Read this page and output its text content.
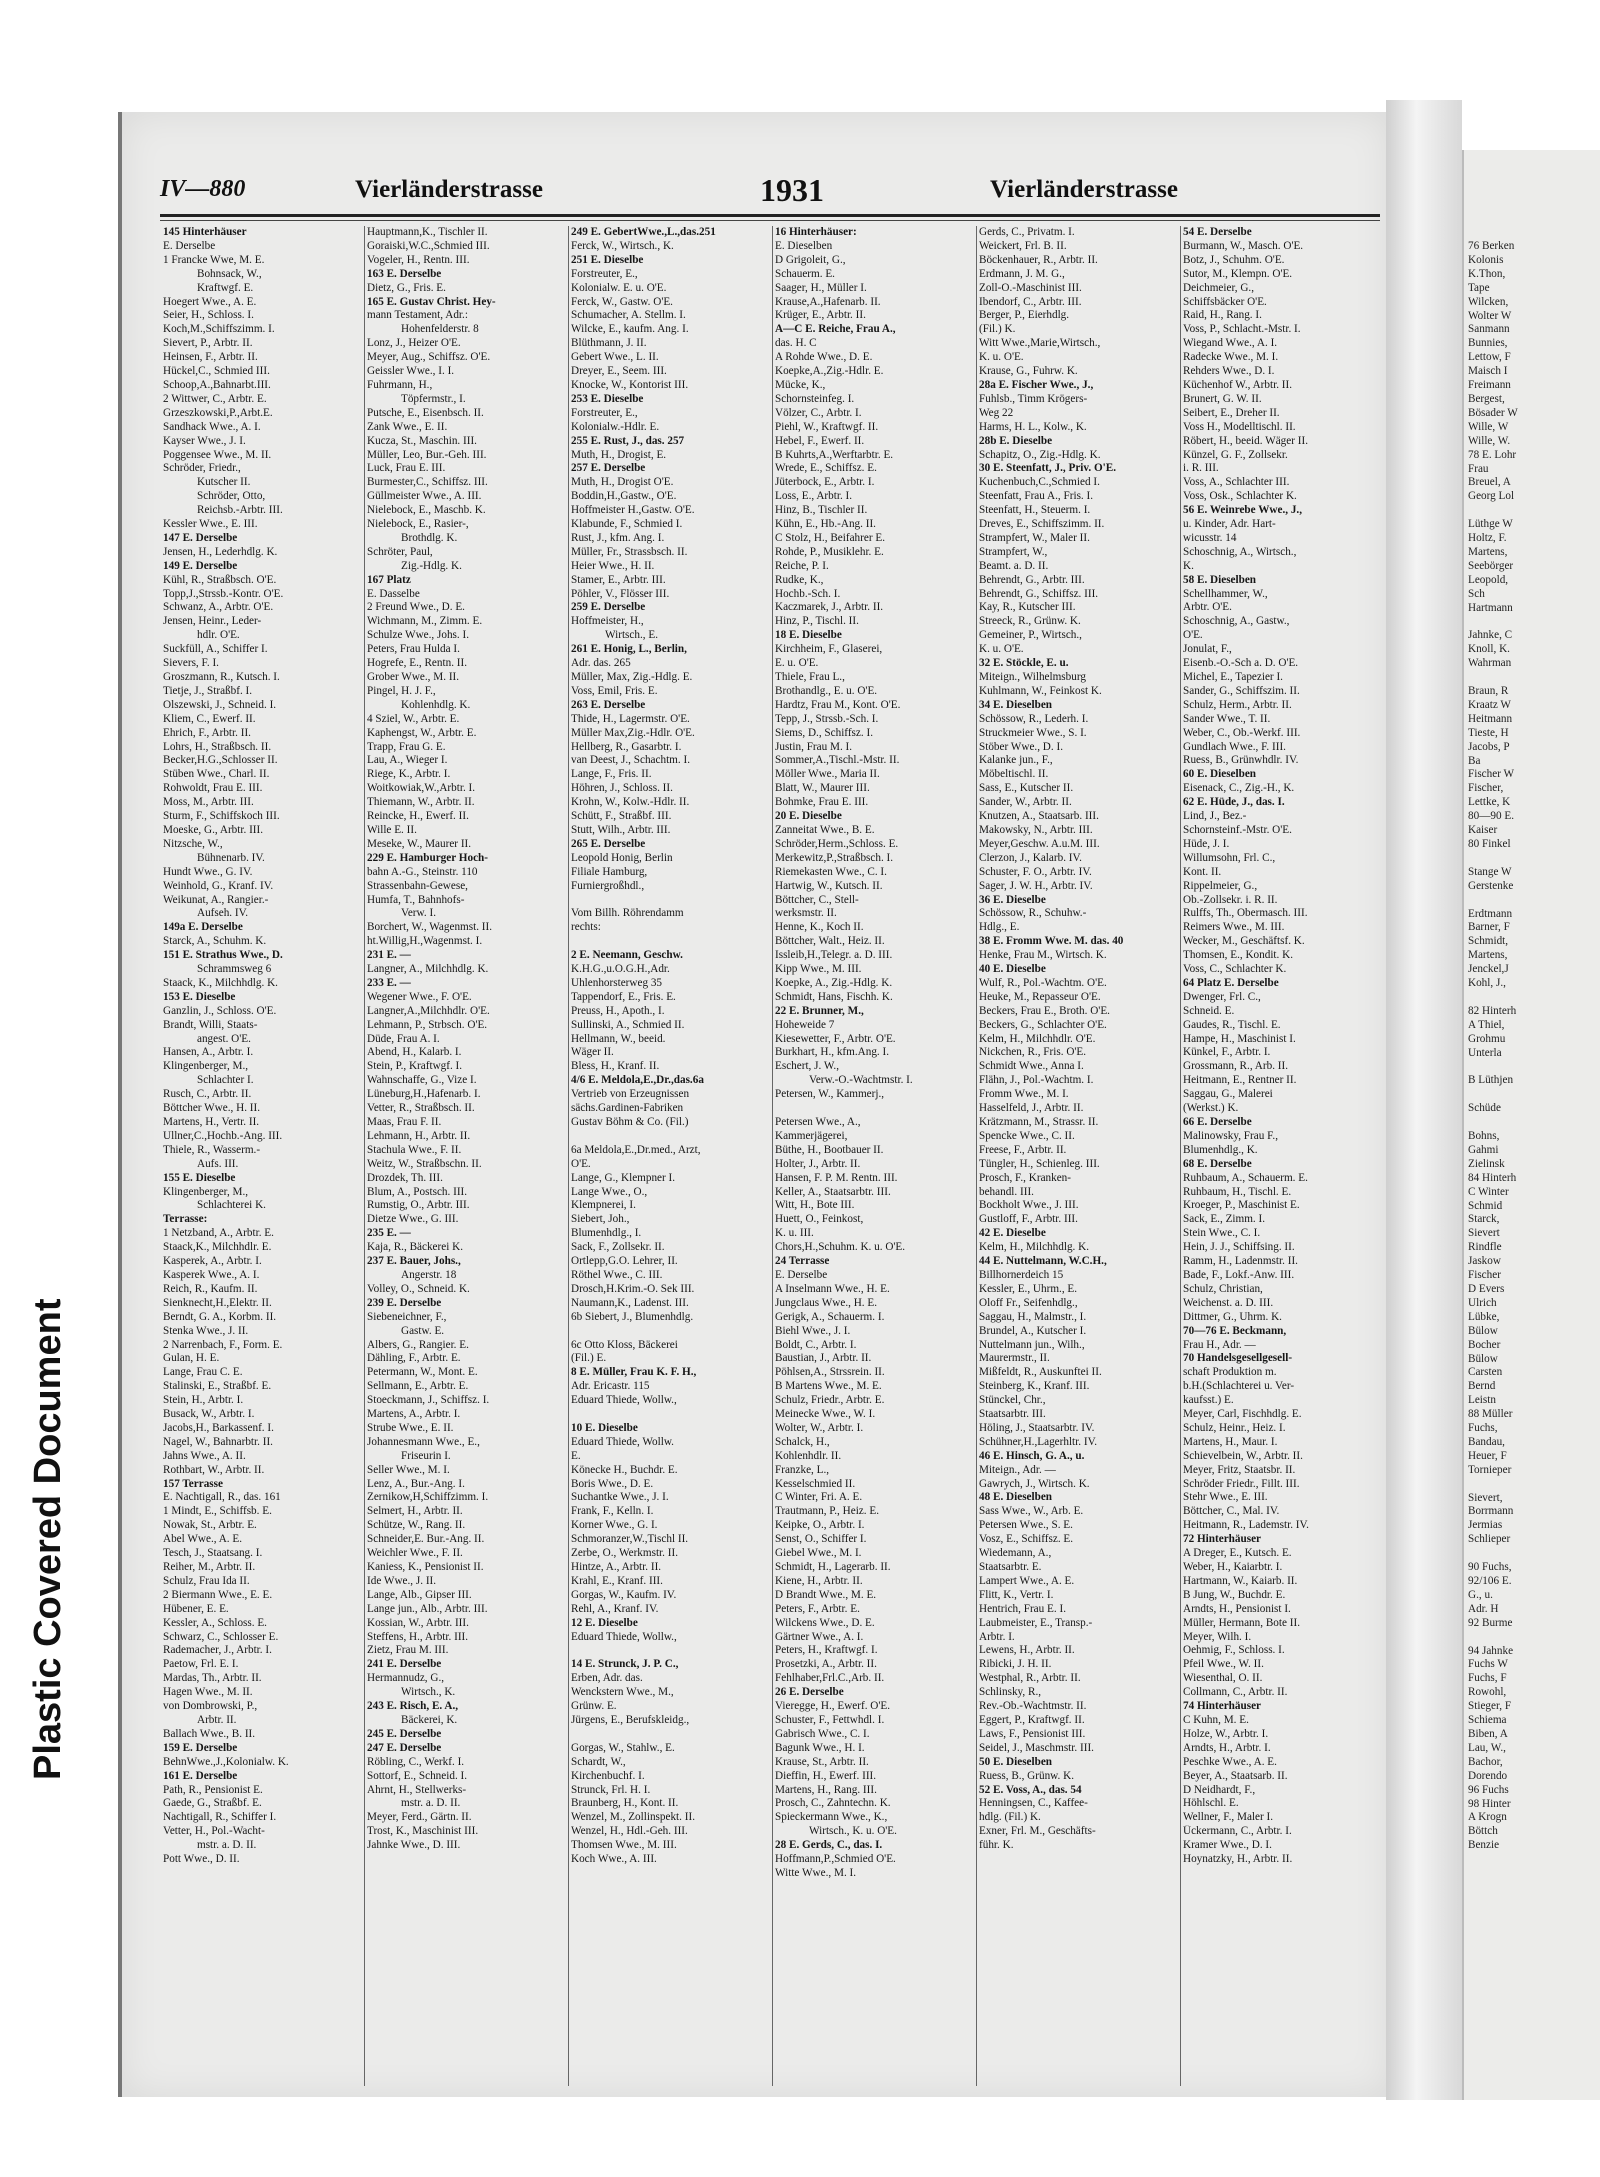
Plastic Covered Document
76 Berken
Kolonis
K.Thon,
Tape
Wilcken,
Wolter W
Sanmann
Bunnies,
Lettow, F
Maisch I
Freimann
Bergest,
Bösader W
Wille, W
Wille, W.
78 E. Lohr
Frau
Breuel, A
Georg Lol

Lüthge W
Holtz, F.
Martens,
Seebörger
Leopold,
Sch
Hartmann

Jahnke, C
Knoll, K.
Wahrman

Braun, R
Kraatz W
Heitmann
Tieste, H
Jacobs, P
Ba
Fischer W
Fischer,
Lettke, K
80—90 E.
Kaiser
80 Finkel

Stange W
Gerstenke

Erdtmann
Barner, F
Schmidt,
Martens,
Jenckel,J
Kohl, J.,

82 Hinterh
A Thiel,
Grohmu
Unterla

B Lüthjen

Schüde

Bohns,
Gahmi
Zielinsk
84 Hinterh
C Winter
Schmid
Starck,
Sievert
Rindfle
Jaskow
Fischer
D Evers
Ulrich
Lübke,
Bülow
Bocher
Bülow
Carsten
Bernd
Leistn
88 Müller
Fuchs,
Bandau,
Heuer, F
Tornieper

Sievert,
Borrmann
Jermias
Schlieper

90 Fuchs,
92/106 E.
G., u.
Adr. H
92 Burme

94 Jahnke
Fuchs W
Fuchs, F
Rowohl,
Stieger, F
Schiema
Biben, A
Lau, W.,
Bachor,
Dorendo
96 Fuchs
98 Hinter
A Krogn
Böttch
Benzie
IV—880	Vierländerstrasse	1931	Vierländerstrasse
145 Hinterhäuser
E. Derselbe
1 Francke Wwe, M. E.
Bohnsack, W.,
Kraftwgf. E.
Hoegert Wwe., A. E.
Seier, H., Schloss. I.
Koch,M.,Schiffszimm. I.
Sievert, P., Arbtr. II.
Heinsen, F., Arbtr. II.
Hückel,C., Schmied III.
Schoop,A.,Bahnarbt.III.
2 Wittwer, C., Arbtr. E.
Grzeszkowski,P.,Arbt.E.
Sandhack Wwe., A. I.
Kayser Wwe., J. I.
Poggensee Wwe., M. II.
Schröder, Friedr.,
Kutscher II.
Schröder, Otto,
Reichsb.-Arbtr. III.
Kessler Wwe., E. III.
147 E. Derselbe
Jensen, H., Lederhdlg. K.
149 E. Derselbe
Kühl, R., Straßbsch. O'E.
Topp,J.,Strssb.-Kontr. O'E.
Schwanz, A., Arbtr. O'E.
Jensen, Heinr., Leder-
hdlr. O'E.
Suckfüll, A., Schiffer I.
Sievers, F. I.
Groszmann, R., Kutsch. I.
Tietje, J., Straßbf. I.
Olszewski, J., Schneid. I.
Kliem, C., Ewerf. II.
Ehrich, F., Arbtr. II.
Lohrs, H., Straßbsch. II.
Becker,H.G.,Schlosser II.
Stüben Wwe., Charl. II.
Rohwoldt, Frau E. III.
Moss, M., Arbtr. III.
Sturm, F., Schiffskoch III.
Moeske, G., Arbtr. III.
Nitzsche, W.,
Bühnenarb. IV.
Hundt Wwe., G. IV.
Weinhold, G., Kranf. IV.
Weikunat, A., Rangier.-
Aufseh. IV.
149a E. Derselbe
Starck, A., Schuhm. K.
151 E. Strathus Wwe., D.
Schrammsweg 6
Staack, K., Milchhdlg. K.
153 E. Dieselbe
Ganzlin, J., Schloss. O'E.
Brandt, Willi, Staats-
angest. O'E.
Hansen, A., Arbtr. I.
Klingenberger, M.,
Schlachter I.
Rusch, C., Arbtr. II.
Böttcher Wwe., H. II.
Martens, H., Vertr. II.
Ullner,C.,Hochb.-Ang. III.
Thiele, R., Wasserm.-
Aufs. III.
155 E. Dieselbe
Klingenberger, M.,
Schlachterei K.
Terrasse:
1 Netzband, A., Arbtr. E.
Staack,K., Milchhdlr. E.
Kasperek, A., Arbtr. I.
Kasperek Wwe., A. I.
Reich, R., Kaufm. II.
Sienknecht,H.,Elektr. II.
Berndt, G. A., Korbm. II.
Stenka Wwe., J. II.
2 Narrenbach, F., Form. E.
Gulan, H. E.
Lange, Frau C. E.
Stalinski, E., Straßbf. E.
Stein, H., Arbtr. I.
Busack, W., Arbtr. I.
Jacobs,H., Barkassenf. I.
Nagel, W., Bahnarbtr. II.
Jahns Wwe., A. II.
Rothbart, W., Arbtr. II.
157 Terrasse
E. Nachtigall, R., das. 161
1 Mindt, E., Schiffsb. E.
Nowak, St., Arbtr. E.
Abel Wwe., A. E.
Tesch, J., Staatsang. I.
Reiher, M., Arbtr. II.
Schulz, Frau Ida II.
2 Biermann Wwe., E. E.
Hübener, E. E.
Kessler, A., Schloss. E.
Schwarz, C., Schlosser E.
Rademacher, J., Arbtr. I.
Paetow, Frl. E. I.
Mardas, Th., Arbtr. II.
Hagen Wwe., M. II.
von Dombrowski, P.,
Arbtr. II.
Ballach Wwe., B. II.
159 E. Derselbe
BehnWwe.,J.,Kolonialw. K.
161 E. Derselbe
Path, R., Pensionist E.
Gaede, G., Straßbf. E.
Nachtigall, R., Schiffer I.
Vetter, H., Pol.-Wacht-
mstr. a. D. II.
Pott Wwe., D. II.
Hauptmann,K., Tischler II.
Goraiski,W.C.,Schmied III.
Vogeler, H., Rentn. III.
163 E. Derselbe
Dietz, G., Fris. E.
165 E. Gustav Christ. Hey-
mann Testament, Adr.:
Hohenfelderstr. 8
Lonz, J., Heizer O'E.
Meyer, Aug., Schiffsz. O'E.
Geissler Wwe., I. I.
Fuhrmann, H.,
Töpfermstr., I.
Putsche, E., Eisenbsch. II.
Zank Wwe., E. II.
Kucza, St., Maschin. III.
Müller, Leo, Bur.-Geh. III.
Luck, Frau E. III.
Burmester,C., Schiffsz. III.
Güllmeister Wwe., A. III.
Nielebock, E., Maschb. K.
Nielebock, E., Rasier-,
Brothdlg. K.
Schröter, Paul,
Zig.-Hdlg. K.
167 Platz
E. Dasselbe
2 Freund Wwe., D. E.
Wichmann, M., Zimm. E.
Schulze Wwe., Johs. I.
Peters, Frau Hulda I.
Hogrefe, E., Rentn. II.
Grober Wwe., M. II.
Pingel, H. J. F.,
Kohlenhdlg. K.
4 Sziel, W., Arbtr. E.
Kaphengst, W., Arbtr. E.
Trapp, Frau G. E.
Lau, A., Wieger I.
Riege, K., Arbtr. I.
Woitkowiak,W.,Arbtr. I.
Thiemann, W., Arbtr. II.
Reincke, H., Ewerf. II.
Wille E. II.
Meseke, W., Maurer II.
229 E. Hamburger Hoch-
bahn A.-G., Steinstr. 110
Strassenbahn-Gewese,
Humfa, T., Bahnhofs-
Verw. I.
Borchert, W., Wagenmst. II.
ht.Willig,H.,Wagenmst. I.
231 E. —
Langner, A., Milchhdlg. K.
233 E. —
Wegener Wwe., F. O'E.
Langner,A.,Milchhdlr. O'E.
Lehmann, P., Strbsch. O'E.
Düde, Frau A. I.
Abend, H., Kalarb. I.
Stein, P., Kraftwgf. I.
Wahnschaffe, G., Vize I.
Lüneburg,H.,Hafenarb. I.
Vetter, R., Straßbsch. II.
Maas, Frau F. II.
Lehmann, H., Arbtr. II.
Stachula Wwe., F. II.
Weitz, W., Straßbschn. II.
Drozdek, Th. III.
Blum, A., Postsch. III.
Rumstig, O., Arbtr. III.
Dietze Wwe., G. III.
235 E. —
Kaja, R., Bäckerei K.
237 E. Bauer, Johs.,
Angerstr. 18
Volley, O., Schneid. K.
239 E. Derselbe
Siebeneichner, F.,
Gastw. E.
Albers, G., Rangier. E.
Dähling, F., Arbtr. E.
Petermann, W., Mont. E.
Sellmann, E., Arbtr. E.
Stoeckmann, J., Schiffsz. I.
Martens, A., Arbtr. I.
Strube Wwe., E. II.
Johannesmann Wwe., E.,
Friseurin I.
Seller Wwe., M. I.
Lenz, A., Bur.-Ang. I.
Zernikow,H,Schiffzimm. I.
Selmert, H., Arbtr. II.
Schütze, W., Rang. II.
Schneider,E. Bur.-Ang. II.
Weichler Wwe., F. II.
Kaniess, K., Pensionist II.
Ide Wwe., J. II.
Lange, Alb., Gipser III.
Lange jun., Alb., Arbtr. III.
Kossian, W., Arbtr. III.
Steffens, H., Arbtr. III.
Zietz, Frau M. III.
241 E. Derselbe
Hermannudz, G.,
Wirtsch., K.
243 E. Risch, E. A.,
Bäckerei, K.
245 E. Derselbe
247 E. Derselbe
Röbling, C., Werkf. I.
Sottorf, E., Schneid. I.
Ahrnt, H., Stellwerks-
mstr. a. D. II.
Meyer, Ferd., Gärtn. II.
Trost, K., Maschinist III.
Jahnke Wwe., D. III.
249 E. GebertWwe.,L.,das.251
Ferck, W., Wirtsch., K.
251 E. Dieselbe
Forstreuter, E.,
Kolonialw. E. u. O'E.
Ferck, W., Gastw. O'E.
Schumacher, A. Stellm. I.
Wilcke, E., kaufm. Ang. I.
Blüthmann, J. II.
Gebert Wwe., L. II.
Dreyer, E., Seem. III.
Knocke, W., Kontorist III.
253 E. Dieselbe
Forstreuter, E.,
Kolonialw.-Hdlr. E.
255 E. Rust, J., das. 257
Muth, H., Drogist, E.
257 E. Derselbe
Muth, H., Drogist O'E.
Boddin,H.,Gastw., O'E.
Hoffmeister H.,Gastw. O'E.
Klabunde, F., Schmied I.
Rust, J., kfm. Ang. I.
Müller, Fr., Strassbsch. II.
Heier Wwe., H. II.
Stamer, E., Arbtr. III.
Pöhler, V., Flösser III.
259 E. Derselbe
Hoffmeister, H.,
Wirtsch., E.
261 E. Honig, L., Berlin,
Adr. das. 265
Müller, Max, Zig.-Hdlg. E.
Voss, Emil, Fris. E.
263 E. Derselbe
Thide, H., Lagermstr. O'E.
Müller Max,Zig.-Hdlr. O'E.
Hellberg, R., Gasarbtr. I.
van Deest, J., Schachtm. I.
Lange, F., Fris. II.
Höhren, J., Schloss. II.
Krohn, W., Kolw.-Hdlr. II.
Schütt, F., Straßbf. III.
Stutt, Wilh., Arbtr. III.
265 E. Derselbe
Leopold Honig, Berlin
Filiale Hamburg,
Furniergroßhdl.,

Vom Billh. Röhrendamm
rechts:

2 E. Neemann, Geschw.
K.H.G.,u.O.G.H.,Adr.
Uhlenhorsterweg 35
Tappendorf, E., Fris. E.
Preuss, H., Apoth., I.
Sullinski, A., Schmied II.
Hellmann, W., beeid.
Wäger II.
Bless, H., Kranf. II.
4/6 E. Meldola,E.,Dr.,das.6a
Vertrieb von Erzeugnissen
sächs.Gardinen-Fabriken
Gustav Böhm & Co. (Fil.)

6a Meldola,E.,Dr.med., Arzt,
O'E.
Lange, G., Klempner I.
Lange Wwe., O.,
Klempnerei, I.
Siebert, Joh.,
Blumenhdlg., I.
Sack, F., Zollsekr. II.
Ortlepp,G.O. Lehrer, II.
Röthel Wwe., C. III.
Drosch,H.Krim.-O. Sek III.
Naumann,K., Ladenst. III.
6b Siebert, J., Blumenhdlg.

6c Otto Kloss, Bäckerei
(Fil.) E.
8 E. Müller, Frau K. F. H.,
Adr. Ericastr. 115
Eduard Thiede, Wollw.,

10 E. Dieselbe
Eduard Thiede, Wollw.
E.
Könecke H., Buchdr. E.
Boris Wwe., D. E.
Suchantke Wwe., J. I.
Frank, F., Kelln. I.
Korner Wwe., G. I.
Schmoranzer,W.,Tischl II.
Zerbe, O., Werkmstr. II.
Hintze, A., Arbtr. II.
Krahl, E., Kranf. III.
Gorgas, W., Kaufm. IV.
Rehl, A., Kranf. IV.
12 E. Dieselbe
Eduard Thiede, Wollw.,

14 E. Strunck, J. P. C.,
Erben, Adr. das.
Wenckstern Wwe., M.,
Grünw. E.
Jürgens, E., Berufskleidg.,

Gorgas, W., Stahlw., E.
Schardt, W.,
Kirchenbuchf. I.
Strunck, Frl. H. I.
Braunberg, H., Kont. II.
Wenzel, M., Zollinspekt. II.
Wenzel, H., Hdl.-Geh. III.
Thomsen Wwe., M. III.
Koch Wwe., A. III.
16 Hinterhäuser:
E. Dieselben
D Grigoleit, G.,
Schauerm. E.
Saager, H., Müller I.
Krause,A.,Hafenarb. II.
Krüger, E., Arbtr. II.
A—C E. Reiche, Frau A.,
das. H. C
A Rohde Wwe., D. E.
Koepke,A.,Zig.-Hdlr. E.
Mücke, K.,
Schornsteinfeg. I.
Völzer, C., Arbtr. I.
Piehl, W., Kraftwgf. II.
Hebel, F., Ewerf. II.
B Kuhrts,A.,Werftarbtr. E.
Wrede, E., Schiffsz. E.
Jüterbock, E., Arbtr. I.
Loss, E., Arbtr. I.
Hinz, B., Tischler II.
Kühn, E., Hb.-Ang. II.
C Stolz, H., Beifahrer E.
Rohde, P., Musiklehr. E.
Reiche, P. I.
Rudke, K.,
Hochb.-Sch. I.
Kaczmarek, J., Arbtr. II.
Hinz, P., Tischl. II.
18 E. Dieselbe
Kirchheim, F., Glaserei,
E. u. O'E.
Thiele, Frau L.,
Brothandlg., E. u. O'E.
Hardtz, Frau M., Kont. O'E.
Tepp, J., Strssb.-Sch. I.
Siems, D., Schiffsz. I.
Justin, Frau M. I.
Sommer,A.,Tischl.-Mstr. II.
Möller Wwe., Maria II.
Blatt, W., Maurer III.
Bohmke, Frau E. III.
20 E. Dieselbe
Zanneitat Wwe., B. E.
Schröder,Herm.,Schloss. E.
Merkewitz,P.,Straßbsch. I.
Riemekasten Wwe., C. I.
Hartwig, W., Kutsch. II.
Böttcher, C., Stell-
werksmstr. II.
Henne, K., Koch II.
Böttcher, Walt., Heiz. II.
Issleib,H.,Telegr. a. D. III.
Kipp Wwe., M. III.
Koepke, A., Zig.-Hdlg. K.
Schmidt, Hans, Fischh. K.
22 E. Brunner, M.,
Hoheweide 7
Kiesewetter, F., Arbtr. O'E.
Burkhart, H., kfm.Ang. I.
Eschert, J. W.,
Verw.-O.-Wachtmstr. I.
Petersen, W., Kammerj.,

Petersen Wwe., A.,
Kammerjägerei,
Büthe, H., Bootbauer II.
Holter, J., Arbtr. II.
Hansen, F. P. M. Rentn. III.
Keller, A., Staatsarbtr. III.
Witt, H., Bote III.
Huett, O., Feinkost,
K. u. III.
Chors,H.,Schuhm. K. u. O'E.
24 Terrasse
E. Derselbe
A Inselmann Wwe., H. E.
Jungclaus Wwe., H. E.
Gerigk, A., Schauerm. I.
Biehl Wwe., J. I.
Boldt, C., Arbtr. I.
Baustian, J., Arbtr. II.
Pöhlsen,A., Strssrein. II.
B Martens Wwe., M. E.
Schulz, Friedr., Arbtr. E.
Meinecke Wwe., W. I.
Wolter, W., Arbtr. I.
Schalck, H.,
Kohlenhdlr. II.
Franzke, L.,
Kesselschmied II.
C Winter, Fri. A. E.
Trautmann, P., Heiz. E.
Keipke, O., Arbtr. I.
Senst, O., Schiffer I.
Giebel Wwe., M. I.
Schmidt, H., Lagerarb. II.
Kiene, H., Arbtr. II.
D Brandt Wwe., M. E.
Peters, F., Arbtr. E.
Wilckens Wwe., D. E.
Gärtner Wwe., A. I.
Peters, H., Kraftwgf. I.
Prosetzki, A., Arbtr. II.
Fehlhaber,Frl.C.,Arb. II.
26 E. Derselbe
Vieregge, H., Ewerf. O'E.
Schuster, F., Fettwhdl. I.
Gabrisch Wwe., C. I.
Bagunk Wwe., H. I.
Krause, St., Arbtr. II.
Dieffin, H., Ewerf. III.
Martens, H., Rang. III.
Prosch, C., Zahntechn. K.
Spieckermann Wwe., K.,
Wirtsch., K. u. O'E.
28 E. Gerds, C., das. I.
Hoffmann,P.,Schmied O'E.
Witte Wwe., M. I.
Gerds, C., Privatm. I.
Weickert, Frl. B. II.
Böckenhauer, R., Arbtr. II.
Erdmann, J. M. G.,
Zoll-O.-Maschinist III.
Ibendorf, C., Arbtr. III.
Berger, P., Eierhdlg.
(Fil.) K.
Witt Wwe.,Marie,Wirtsch.,
K. u. O'E.
Krause, G., Fuhrw. K.
28a E. Fischer Wwe., J.,
Fuhlsb., Timm Krögers-
Weg 22
Harms, H. L., Kolw., K.
28b E. Dieselbe
Schapitz, O., Zig.-Hdlg. K.
30 E. Steenfatt, J., Priv. O'E.
Kuchenbuch,C.,Schmied I.
Steenfatt, Frau A., Fris. I.
Steenfatt, H., Steuerm. I.
Dreves, E., Schiffszimm. II.
Strampfert, W., Maler II.
Strampfert, W.,
Beamt. a. D. II.
Behrendt, G., Arbtr. III.
Behrendt, G., Schiffsz. III.
Kay, R., Kutscher III.
Streeck, R., Grünw. K.
Gemeiner, P., Wirtsch.,
K. u. O'E.
32 E. Stöckle, E. u.
Miteign., Wilhelmsburg
Kuhlmann, W., Feinkost K.
34 E. Dieselben
Schössow, R., Lederh. I.
Struckmeier Wwe., S. I.
Stöber Wwe., D. I.
Kalanke jun., F.,
Möbeltischl. II.
Sass, E., Kutscher II.
Sander, W., Arbtr. II.
Knutzen, A., Staatsarb. III.
Makowsky, N., Arbtr. III.
Meyer,Geschw. A.u.M. III.
Clerzon, J., Kalarb. IV.
Schuster, F. O., Arbtr. IV.
Sager, J. W. H., Arbtr. IV.
36 E. Dieselbe
Schössow, R., Schuhw.-
Hdlg., E.
38 E. Fromm Wwe. M. das. 40
Henke, Frau M., Wirtsch. K.
40 E. Dieselbe
Wulf, R., Pol.-Wachtm. O'E.
Heuke, M., Repasseur O'E.
Beckers, Frau E., Broth. O'E.
Beckers, G., Schlachter O'E.
Kelm, H., Milchhdlr. O'E.
Nickchen, R., Fris. O'E.
Schmidt Wwe., Anna I.
Flähn, J., Pol.-Wachtm. I.
Fromm Wwe., M. I.
Hasselfeld, J., Arbtr. II.
Krätzmann, M., Strassr. II.
Spencke Wwe., C. II.
Freese, F., Arbtr. II.
Tüngler, H., Schienleg. III.
Prosch, F., Kranken-
behandl. III.
Bockholt Wwe., J. III.
Gustloff, F., Arbtr. III.
42 E. Dieselbe
Kelm, H., Milchhdlg. K.
44 E. Nuttelmann, W.C.H.,
Billhornerdeich 15
Kessler, E., Uhrm., E.
Oloff Fr., Seifenhdlg.,
Saggau, H., Malmstr., I.
Brundel, A., Kutscher I.
Nuttelmann jun., Wilh.,
Maurermstr., II.
Mißfeldt, R., Auskunftei II.
Steinberg, K., Kranf. III.
Stünckel, Chr.,
Staatsarbtr. III.
Höling, J., Staatsarbtr. IV.
Schühner,H.,Lagerhltr. IV.
46 E. Hinsch, G. A., u.
Miteign., Adr. —
Gawrych, J., Wirtsch. K.
48 E. Dieselben
Sass Wwe., W., Arb. E.
Petersen Wwe., S. E.
Vosz, E., Schiffsz. E.
Wiedemann, A.,
Staatsarbtr. E.
Lampert Wwe., A. E.
Flitt, K., Vertr. I.
Hentrich, Frau E. I.
Laubmeister, E., Transp.-
Arbtr. I.
Lewens, H., Arbtr. II.
Ribicki, J. H. II.
Westphal, R., Arbtr. II.
Schlinsky, R.,
Rev.-Ob.-Wachtmstr. II.
Eggert, P., Kraftwgf. II.
Laws, F., Pensionist III.
Seidel, J., Maschmstr. III.
50 E. Dieselben
Ruess, B., Grünw. K.
52 E. Voss, A., das. 54
Henningsen, C., Kaffee-
hdlg. (Fil.) K.
Exner, Frl. M., Geschäfts-
führ. K.
54 E. Derselbe
Burmann, W., Masch. O'E.
Botz, J., Schuhm. O'E.
Sutor, M., Klempn. O'E.
Deichmeier, G.,
Schiffsbäcker O'E.
Raid, H., Rang. I.
Voss, P., Schlacht.-Mstr. I.
Wiegand Wwe., A. I.
Radecke Wwe., M. I.
Rehders Wwe., D. I.
Küchenhof W., Arbtr. II.
Brunert, G. W. II.
Seibert, E., Dreher II.
Voss H., Modelltischl. II.
Röbert, H., beeid. Wäger II.
Künzel, G. F., Zollsekr.
i. R. III.
Voss, A., Schlachter III.
Voss, Osk., Schlachter K.
56 E. Weinrebe Wwe., J.,
u. Kinder, Adr. Hart-
wicusstr. 14
Schoschnig, A., Wirtsch.,
K.
58 E. Dieselben
Schellhammer, W.,
Arbtr. O'E.
Schoschnig, A., Gastw.,
O'E.
Jonulat, F.,
Eisenb.-O.-Sch a. D. O'E.
Michel, E., Tapezier I.
Sander, G., Schiffszim. II.
Schulz, Herm., Arbtr. II.
Sander Wwe., T. II.
Weber, C., Ob.-Werkf. III.
Gundlach Wwe., F. III.
Ruess, B., Grünwhdlr. IV.
60 E. Dieselben
Eisenack, C., Zig.-H., K.
62 E. Hüde, J., das. I.
Lind, J., Bez.-
Schornsteinf.-Mstr. O'E.
Hüde, J. I.
Willumsohn, Frl. C.,
Kont. II.
Rippelmeier, G.,
Ob.-Zollsekr. i. R. II.
Rulffs, Th., Obermasch. III.
Reimers Wwe., M. III.
Wecker, M., Geschäftsf. K.
Thomsen, E., Kondit. K.
Voss, C., Schlachter K.
64 Platz E. Derselbe
Dwenger, Frl. C.,
Schneid. E.
Gaudes, R., Tischl. E.
Hampe, H., Maschinist I.
Künkel, F., Arbtr. I.
Grossmann, R., Arb. II.
Heitmann, E., Rentner II.
Saggau, G., Malerei
(Werkst.) K.
66 E. Derselbe
Malinowsky, Frau F.,
Blumenhdlg., K.
68 E. Derselbe
Ruhbaum, A., Schauerm. E.
Ruhbaum, H., Tischl. E.
Kroeger, P., Maschinist E.
Sack, E., Zimm. I.
Stein Wwe., C. I.
Hein, J. J., Schiffsing. II.
Ramm, H., Ladenmstr. II.
Bade, F., Lokf.-Anw. III.
Schulz, Christian,
Weichenst. a. D. III.
Dittmer, G., Uhrm. K.
70—76 E. Beckmann,
Frau H., Adr. —
70 Handelsgesellgesell-
schaft Produktion m.
b.H.(Schlachterei u. Ver-
kaufsst.) E.
Meyer, Carl, Fischhdlg. E.
Schulz, Heinr., Heiz. I.
Martens, H., Maur. I.
Schievelbein, W., Arbtr. II.
Meyer, Fritz, Staatsbr. II.
Schröder Friedr., Fillt. III.
Stehr Wwe., E. III.
Böttcher, C., Mal. IV.
Heitmann, R., Lademstr. IV.
72 Hinterhäuser
A Dreger, E., Kutsch. E.
Weber, H., Kaiarbtr. I.
Hartmann, W., Kaiarb. II.
B Jung, W., Buchdr. E.
Arndts, H., Pensionist I.
Müller, Hermann, Bote II.
Meyer, Wilh. I.
Oehmig, F., Schloss. I.
Pfeil Wwe., W. II.
Wiesenthal, O. II.
Collmann, C., Arbtr. II.
74 Hinterhäuser
C Kuhn, M. E.
Holze, W., Arbtr. I.
Arndts, H., Arbtr. I.
Peschke Wwe., A. E.
Beyer, A., Staatsarb. II.
D Neidhardt, F.,
Höhlschl. E.
Wellner, F., Maler I.
Ückermann, C., Arbtr. I.
Kramer Wwe., D. I.
Hoynatzky, H., Arbtr. II.
